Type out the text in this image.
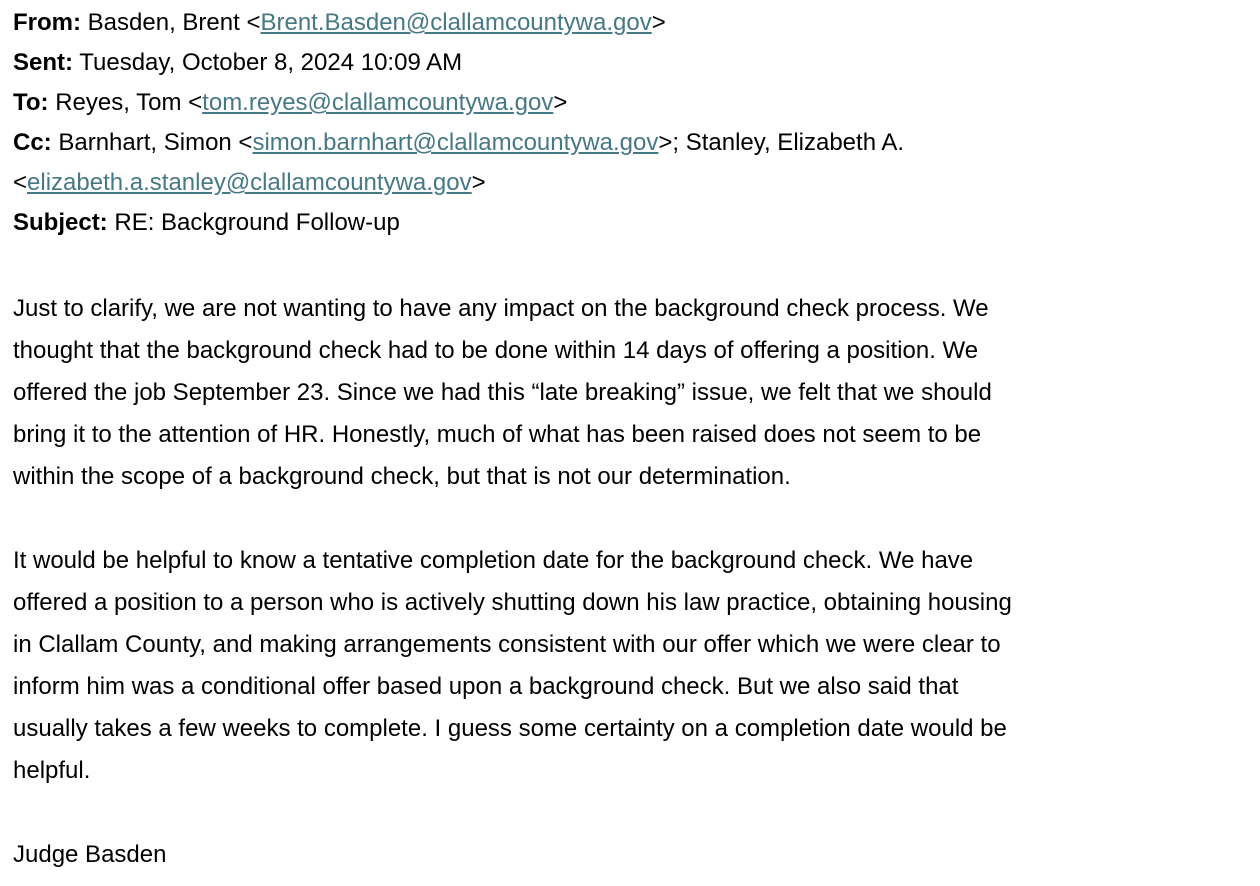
From: Basden, Brent <Brent.Basden@clallamcountywa.gov>
Sent: Tuesday, October 8, 2024 10:09 AM
To: Reyes, Tom <tom.reyes@clallamcountywa.gov>
Cc: Barnhart, Simon <simon.barnhart@clallamcountywa.gov>; Stanley, Elizabeth A.
<elizabeth.a.stanley@clallamcountywa.gov>
Subject: RE: Background Follow-up
Just to clarify, we are not wanting to have any impact on the background check process. We
thought that the background check had to be done within 14 days of offering a position. We
offered the job September 23. Since we had this “late breaking” issue, we felt that we should
bring it to the attention of HR. Honestly, much of what has been raised does not seem to be
within the scope of a background check, but that is not our determination.
It would be helpful to know a tentative completion date for the background check. We have
offered a position to a person who is actively shutting down his law practice, obtaining housing
in Clallam County, and making arrangements consistent with our offer which we were clear to
inform him was a conditional offer based upon a background check. But we also said that
usually takes a few weeks to complete. I guess some certainty on a completion date would be
helpful.
Judge Basden
